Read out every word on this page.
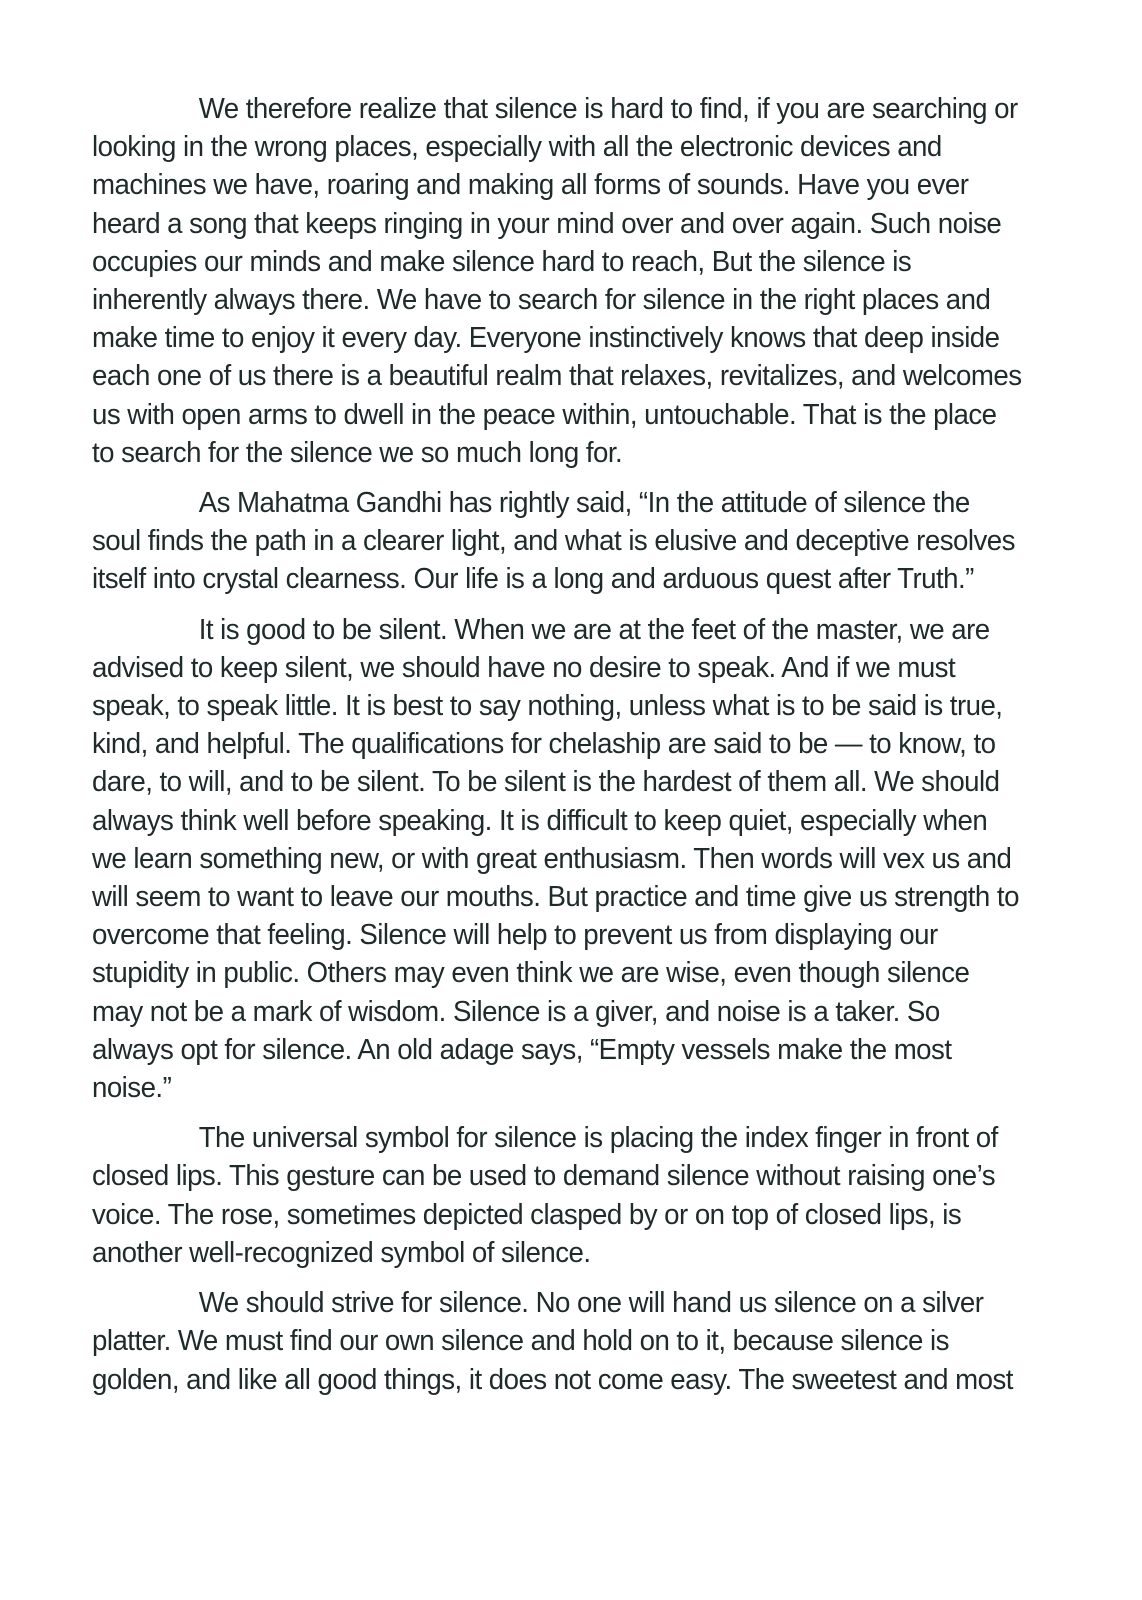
We therefore realize that silence is hard to find, if you are searching or looking in the wrong places, especially with all the electronic devices and machines we have, roaring and making all forms of sounds. Have you ever heard a song that keeps ringing in your mind over and over again. Such noise occupies our minds and make silence hard to reach, But the silence is inherently always there. We have to search for silence in the right places and make time to enjoy it every day. Everyone instinctively knows that deep inside each one of us there is a beautiful realm that relaxes, revitalizes, and welcomes us with open arms to dwell in the peace within, untouchable. That is the place to search for the silence we so much long for.

As Mahatma Gandhi has rightly said, “In the attitude of silence the soul finds the path in a clearer light, and what is elusive and deceptive resolves itself into crystal clearness. Our life is a long and arduous quest after Truth.”

It is good to be silent. When we are at the feet of the master, we are advised to keep silent, we should have no desire to speak. And if we must speak, to speak little. It is best to say nothing, unless what is to be said is true, kind, and helpful. The qualifications for chelaship are said to be — to know, to dare, to will, and to be silent. To be silent is the hardest of them all. We should always think well before speaking. It is difficult to keep quiet, especially when we learn something new, or with great enthusiasm. Then words will vex us and will seem to want to leave our mouths. But practice and time give us strength to overcome that feeling. Silence will help to prevent us from displaying our stupidity in public. Others may even think we are wise, even though silence may not be a mark of wisdom. Silence is a giver, and noise is a taker. So always opt for silence. An old adage says, “Empty vessels make the most noise.”

The universal symbol for silence is placing the index finger in front of closed lips. This gesture can be used to demand silence without raising one’s voice. The rose, sometimes depicted clasped by or on top of closed lips, is another well-recognized symbol of silence.

We should strive for silence. No one will hand us silence on a silver platter. We must find our own silence and hold on to it, because silence is golden, and like all good things, it does not come easy. The sweetest and most
